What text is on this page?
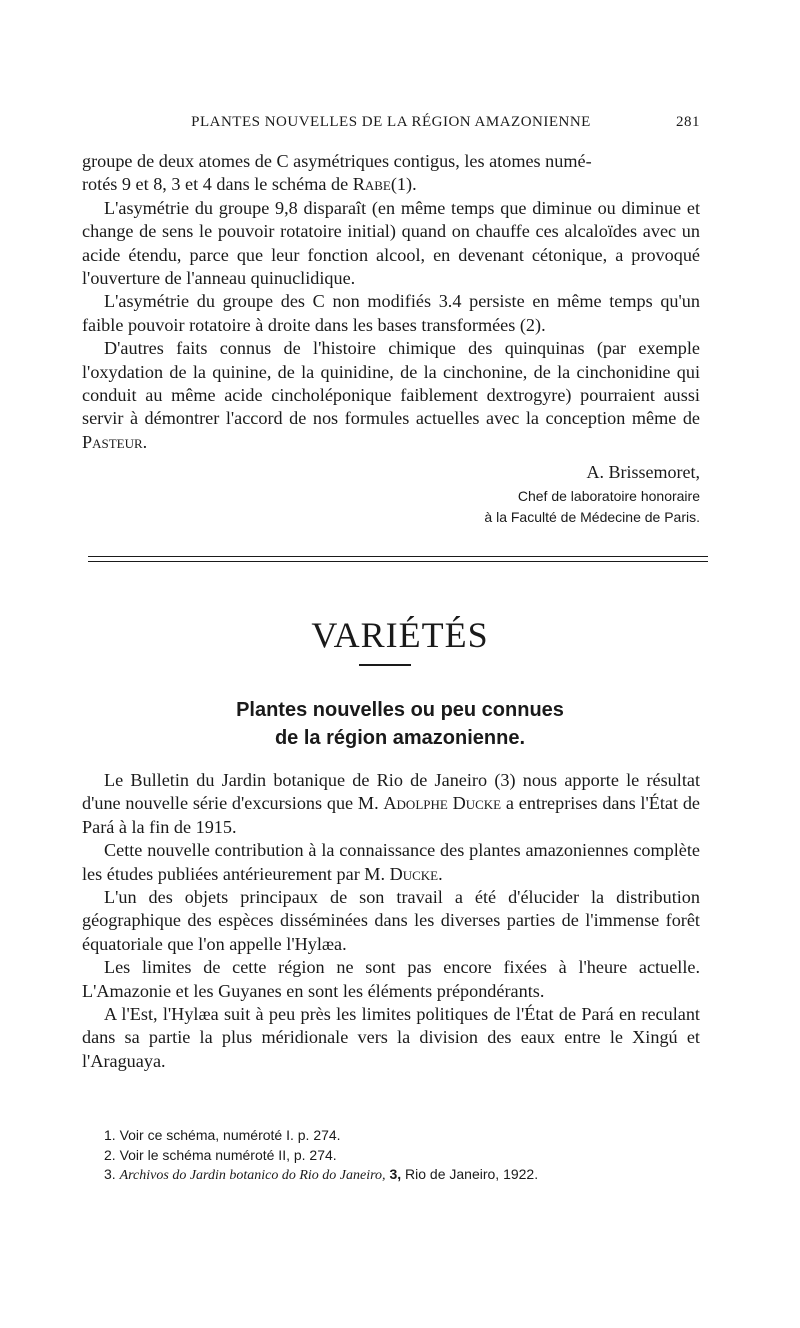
PLANTES NOUVELLES DE LA RÉGION AMAZONIENNE	281

groupe de deux atomes de C asymétriques contigus, les atomes numé-
rotés 9 et 8, 3 et 4 dans le schéma de Rabe(1).

L'asymétrie du groupe 9,8 disparaît (en même temps que diminue ou diminue et change de sens le pouvoir rotatoire initial) quand on chauffe ces alcaloïdes avec un acide étendu, parce que leur fonction alcool, en devenant cétonique, a provoqué l'ouverture de l'anneau quinuclidique.

L'asymétrie du groupe des C non modifiés 3.4 persiste en même temps qu'un faible pouvoir rotatoire à droite dans les bases transformées (2).

D'autres faits connus de l'histoire chimique des quinquinas (par exemple l'oxydation de la quinine, de la quinidine, de la cinchonine, de la cinchonidine qui conduit au même acide cincholéponique faiblement dextrogyre) pourraient aussi servir à démontrer l'accord de nos formules actuelles avec la conception même de Pasteur.

A. Brissemoret,
Chef de laboratoire honoraire
à la Faculté de Médecine de Paris.
VARIÉTÉS
Plantes nouvelles ou peu connues
de la région amazonienne.

Le Bulletin du Jardin botanique de Rio de Janeiro (3) nous apporte le résultat d'une nouvelle série d'excursions que M. Adolphe Ducke a entreprises dans l'État de Pará à la fin de 1915.

Cette nouvelle contribution à la connaissance des plantes amazoniennes complète les études publiées antérieurement par M. Ducke.

L'un des objets principaux de son travail a été d'élucider la distribution géographique des espèces disséminées dans les diverses parties de l'immense forêt équatoriale que l'on appelle l'Hylæa.

Les limites de cette région ne sont pas encore fixées à l'heure actuelle. L'Amazonie et les Guyanes en sont les éléments prépondérants.

A l'Est, l'Hylæa suit à peu près les limites politiques de l'État de Pará en reculant dans sa partie la plus méridionale vers la division des eaux entre le Xingú et l'Araguaya.

1. Voir ce schéma, numéroté I. p. 274.
2. Voir le schéma numéroté II, p. 274.
3. Archivos do Jardin botanico do Rio do Janeiro, 3, Rio de Janeiro, 1922.
